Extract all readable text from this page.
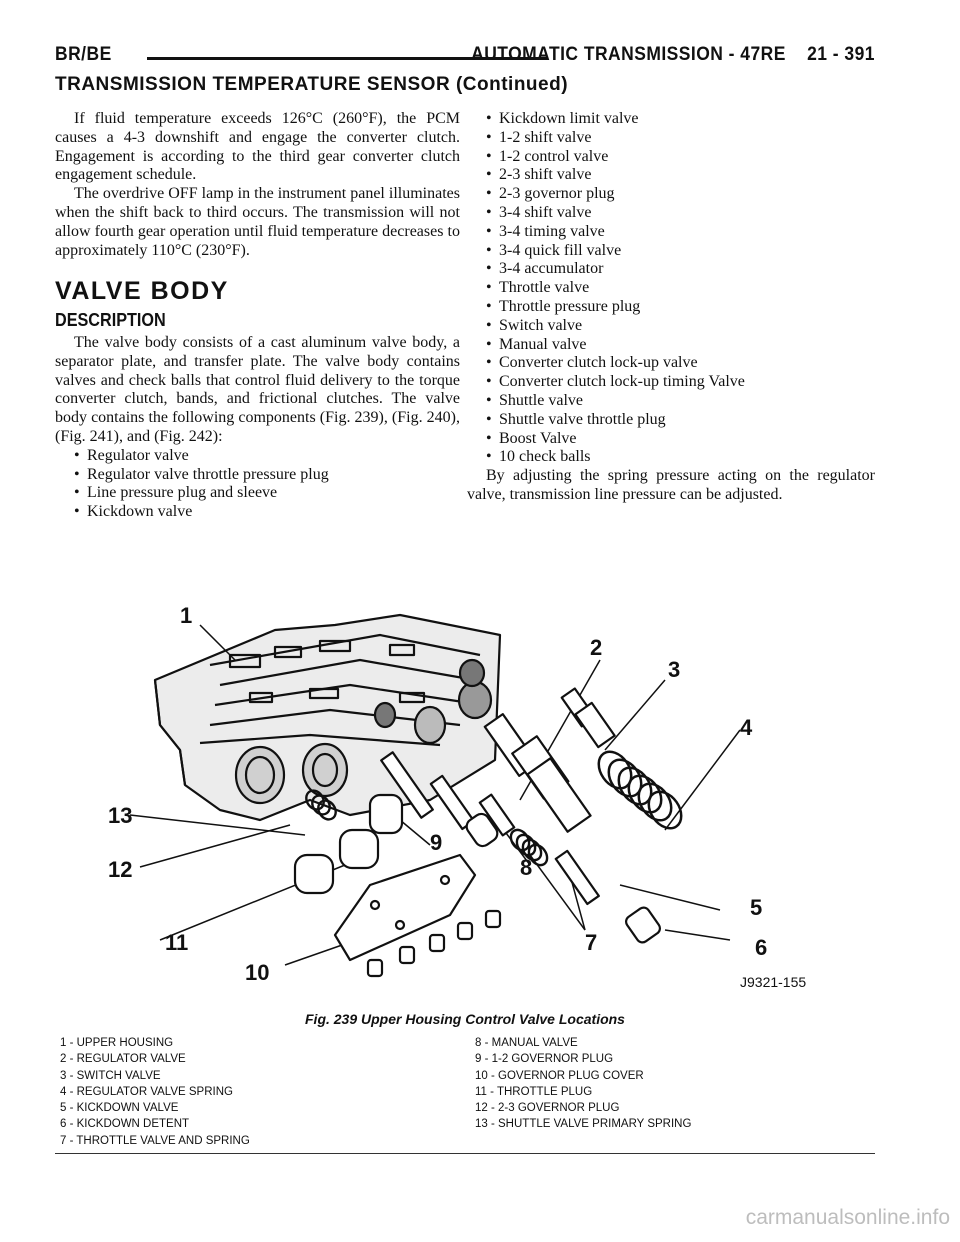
BR/BE	AUTOMATIC TRANSMISSION - 47RE    21 - 391
TRANSMISSION TEMPERATURE SENSOR (Continued)

If fluid temperature exceeds 126°C (260°F), the PCM causes a 4-3 downshift and engage the converter clutch. Engagement is according to the third gear converter clutch engagement schedule.

The overdrive OFF lamp in the instrument panel illuminates when the shift back to third occurs. The transmission will not allow fourth gear operation until fluid temperature decreases to approximately 110°C (230°F).

VALVE BODY
DESCRIPTION

The valve body consists of a cast aluminum valve body, a separator plate, and transfer plate. The valve body contains valves and check balls that control fluid delivery to the torque converter clutch, bands, and frictional clutches. The valve body contains the following components (Fig. 239), (Fig. 240), (Fig. 241), and (Fig. 242):

• Regulator valve
• Regulator valve throttle pressure plug
• Line pressure plug and sleeve
• Kickdown valve
• Kickdown limit valve
• 1-2 shift valve
• 1-2 control valve
• 2-3 shift valve
• 2-3 governor plug
• 3-4 shift valve
• 3-4 timing valve
• 3-4 quick fill valve
• 3-4 accumulator
• Throttle valve
• Throttle pressure plug
• Switch valve
• Manual valve
• Converter clutch lock-up valve
• Converter clutch lock-up timing Valve
• Shuttle valve
• Shuttle valve throttle plug
• Boost Valve
• 10 check balls

By adjusting the spring pressure acting on the regulator valve, transmission line pressure can be adjusted.

1
2
3
4
5
6
7
8
9
10
11
12
13
J9321-155
Fig. 239 Upper Housing Control Valve Locations
1 - UPPER HOUSING
2 - REGULATOR VALVE
3 - SWITCH VALVE
4 - REGULATOR VALVE SPRING
5 - KICKDOWN VALVE
6 - KICKDOWN DETENT
7 - THROTTLE VALVE AND SPRING
8 - MANUAL VALVE
9 - 1-2 GOVERNOR PLUG
10 - GOVERNOR PLUG COVER
11 - THROTTLE PLUG
12 - 2-3 GOVERNOR PLUG
13 - SHUTTLE VALVE PRIMARY SPRING
carmanualsonline.info
